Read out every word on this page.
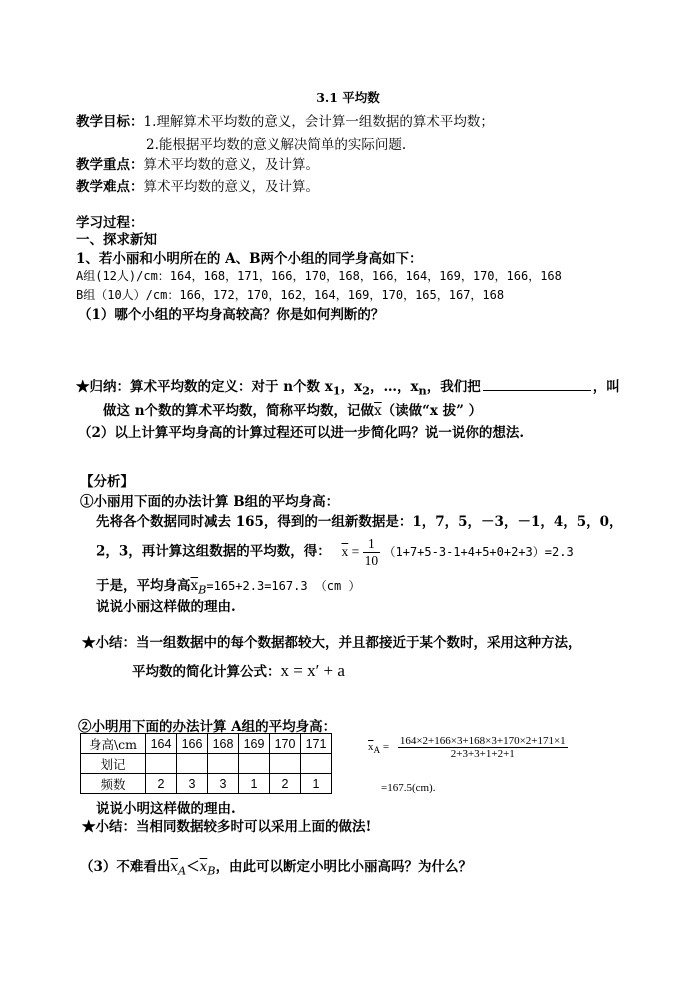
3.1 平均数
教学目标：1.理解算术平均数的意义，会计算一组数据的算术平均数；
2.能根据平均数的意义解决简单的实际问题.
教学重点：算术平均数的意义，及计算。
教学难点：算术平均数的意义，及计算。
学习过程：
一、探求新知
1、若小丽和小明所在的 A、B两个小组的同学身高如下：
A组(12人)/cm：164，168，171，166，170，168，166，164，169，170，166，168
B组（10人）/cm：166，172，170，162，164，169，170，165，167，168
（1）哪个小组的平均身高较高？你是如何判断的？
★归纳：算术平均数的定义：对于 n个数 $x_1$，$x_2$，…，$x_n$，我们把	，叫
做这 n个数的算术平均数，简称平均数，记做$\overline{x}$（读做“x 拔” ）
（2）以上计算平均身高的计算过程还可以进一步简化吗？说一说你的想法.
【分析】
①小丽用下面的办法计算 B组的平均身高：
先将各个数据同时减去 165，得到的一组新数据是：1，7，5，－3，－1，4，5，0，
2，3，再计算这组数据的平均数，得： $\overline{x} = \frac{1}{10} (1+7+5-3-1+4+5+0+2+3)=2.3$
于是，平均身高$\overline{x}_B=165+2.3=167.3$ （cm ）
说说小丽这样做的理由.
★小结：当一组数据中的每个数据都较大，并且都接近于某个数时，采用这种方法，
平均数的简化计算公式：x = x′ + a
②小明用下面的办法计算 A组的平均身高：
身高\cm	164	166	168	169	170	171
划记						
频数	2	3	3	1	2	1
$\overline{x}_A = \frac{164\times 2+166\times 3+168\times 3+170\times 2+171\times 1}{2+3+3+1+2+1}$
=167.5(cm).
说说小明这样做的理由.
★小结：当相同数据较多时可以采用上面的做法!
（3）不难看出$\overline{x}_A<\overline{x}_B$，由此可以断定小明比小丽高吗？为什么？
